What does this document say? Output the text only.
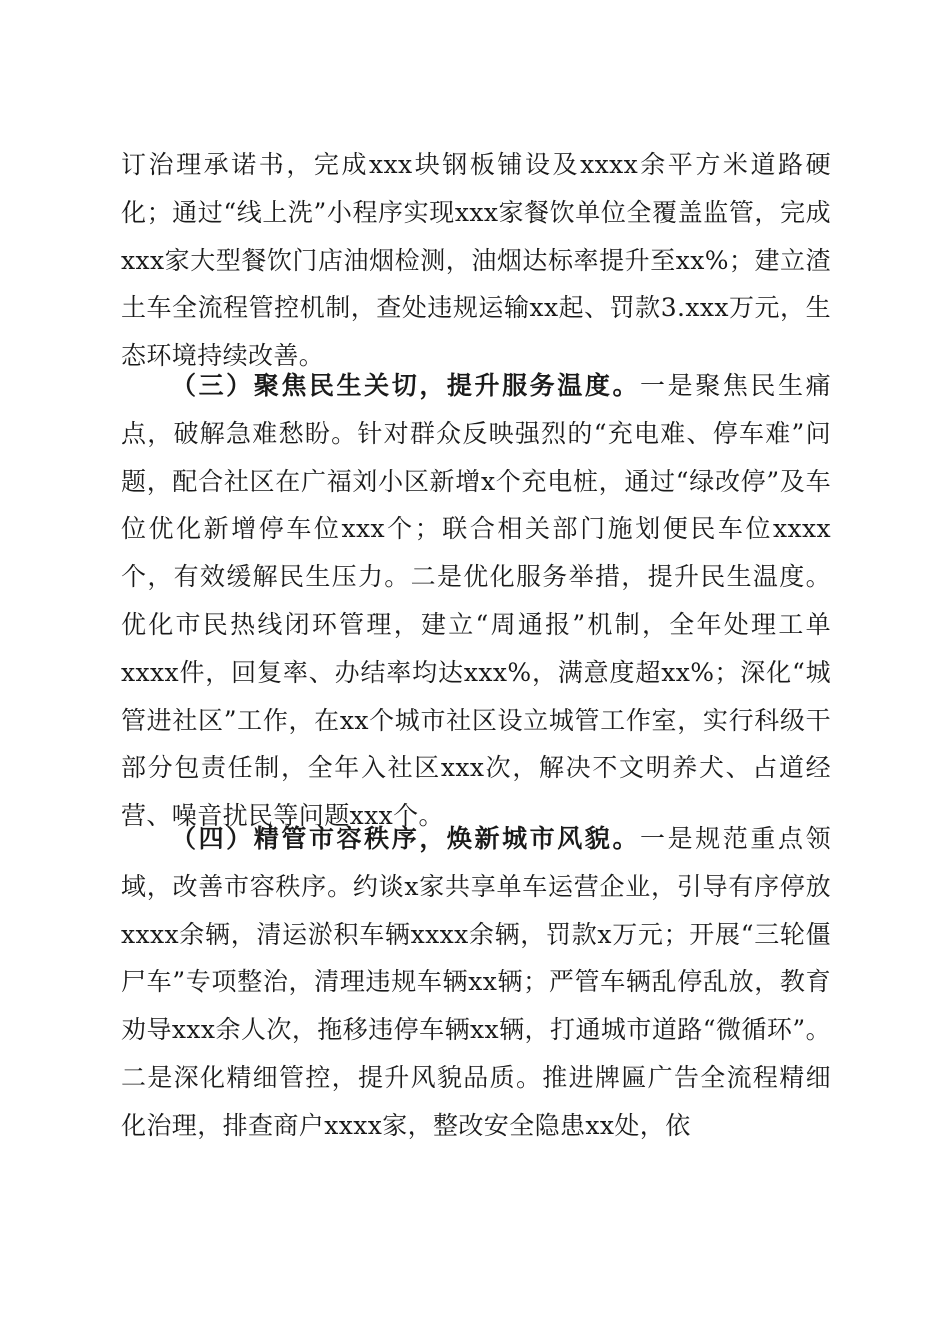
订治理承诺书，完成xxx块钢板铺设及xxxx余平方米道路硬化；通过“线上洗”小程序实现xxx家餐饮单位全覆盖监管，完成xxx家大型餐饮门店油烟检测，油烟达标率提升至xx%；建立渣土车全流程管控机制，查处违规运输xx起、罚款3.xxx万元，生态环境持续改善。

（三）聚焦民生关切，提升服务温度。一是聚焦民生痛点，破解急难愁盼。针对群众反映强烈的“充电难、停车难”问题，配合社区在广福刘小区新增x个充电桩，通过“绿改停”及车位优化新增停车位xxx个；联合相关部门施划便民车位xxxx个，有效缓解民生压力。二是优化服务举措，提升民生温度。优化市民热线闭环管理，建立“周通报”机制，全年处理工单xxxx件，回复率、办结率均达xxx%，满意度超xx%；深化“城管进社区”工作，在xx个城市社区设立城管工作室，实行科级干部分包责任制，全年入社区xxx次，解决不文明养犬、占道经营、噪音扰民等问题xxx个。

（四）精管市容秩序，焕新城市风貌。一是规范重点领域，改善市容秩序。约谈x家共享单车运营企业，引导有序停放xxxx余辆，清运淤积车辆xxxx余辆，罚款x万元；开展“三轮僵尸车”专项整治，清理违规车辆xx辆；严管车辆乱停乱放，教育劝导xxx余人次，拖移违停车辆xx辆，打通城市道路“微循环”。二是深化精细管控，提升风貌品质。推进牌匾广告全流程精细化治理，排查商户xxxx家，整改安全隐患xx处，依
